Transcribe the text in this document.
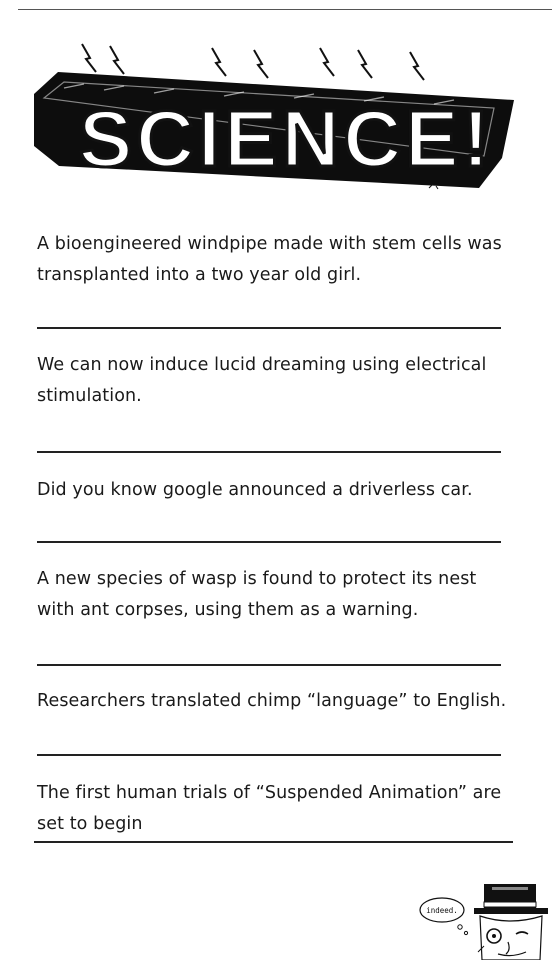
SCIENCE!

A bioengineered windpipe made with stem cells was transplanted into a two year old girl.

We can now induce lucid dreaming using electrical stimulation.

Did you know google announced a driverless car.

A new species of wasp is found to protect its nest with ant corpses, using them as a warning.

Researchers translated chimp “language” to English.

The first human trials of “Suspended Animation” are set to begin

indeed.
